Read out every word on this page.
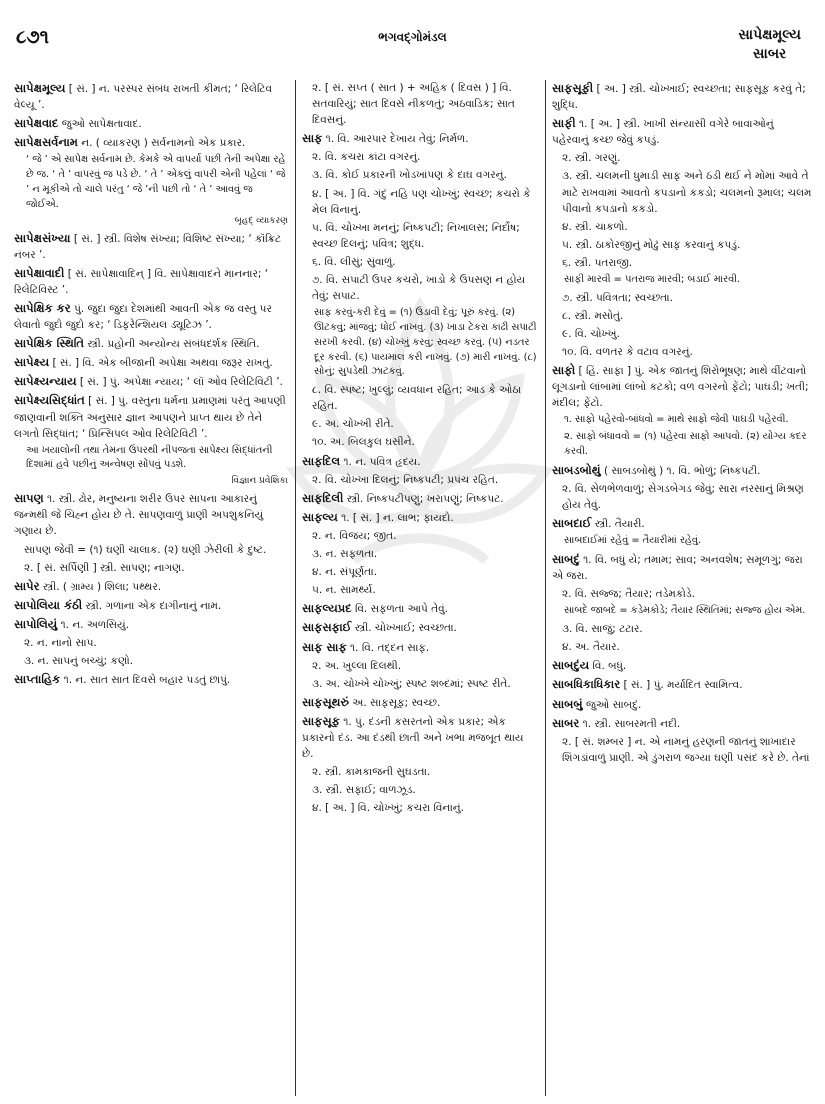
૮૭૧	ભગવદ્ગોમંડલ	સાપેક્ષમૂલ્ય
સાબર

સાપેક્ષમૂલ્ય [ સં. ] ન. પરસ્પર સંબંધ રાખતી કીમત; ‘ રિલેટિવ વેલ્યૂ ’.

સાપેક્ષવાદ જુઓ સાપેક્ષતાવાદ.

સાપેક્ષસર્વનામ ન. ( વ્યાકરણ ) સર્વનામનો એક પ્રકાર.

‘ જે ’ એ સાપેક્ષ સર્વનામ છે. કેમકે એ વાપર્યા પછી તેની અપેક્ષા રહે છે જ. ‘ તે ’ વાપરવું જ પડે છે. ‘ તે ’ એકલું વાપરી એની પહેલાં ‘ જે ’ ન મૂકીએ તો ચાલે પરંતુ ‘ જે ’ની પછી તો ‘ તે ’ આવવું જ જોઈએ.

બૃહદ્ વ્યાકરણ

સાપેક્ષસંખ્યા [ સં. ] સ્ત્રી. વિશેષ સંખ્યા; વિશિષ્ટ સંખ્યા; ‘ કૉંક્રિટ નંબર ’.

સાપેક્ષાવાદી [ સં. સાપેક્ષાવાદિન્ ] વિ. સાપેક્ષાવાદને માનનાર; ‘ રિલેટિવિસ્ટ ’.

સાપેક્ષિક કર પું. જુદા જુદા દેશમાંથી આવતી એક જ વસ્તુ પર લેવાતો જુદો જુદો કર; ‘ ડિફરેન્શિયલ ડ્યૂટિઝ ’.

સાપેક્ષિક સ્થિતિ સ્ત્રી. પ્રહોની અન્યોન્ય સંબંધદર્શક સ્થિતિ.

સાપેક્ષ્ય [ સં. ] વિ. એક બીજાની અપેક્ષા અથવા જરૂર રાખતું.

સાપેક્ષ્યન્યાય [ સં. ] પું. અપેક્ષા ન્યાય; ‘ લૉ ઓવ રિલેટિવિટી ’.

સાપેક્ષ્યસિદ્ધાંત [ સં. ] પું. વસ્તુના ધર્મના પ્રમાણમાં પરંતુ આપણી જાણવાની શક્તિ અનુસાર જ્ઞાન આપણને પ્રાપ્ત થાય છે તેને લગતો સિદ્ધાંત; ‘ પ્રિન્સિપલ ઓવ રિલેટિવિટી ’.

આ ખયાલોની તથા તેમના ઉપરથી નીપજતા સાપેક્ષ્ય સિદ્ધાંતની દિશામાં હવે પછીનું અન્વેષણ સોંપવું પડશે.

વિજ્ઞાન પ્રવેશિકા

સાપણ ૧. સ્ત્રી. ઢોર, મનુષ્યના શરીર ઉપર સાપના આકારનું જન્મથી જે ચિહ્ન હોય છે તે. સાપણવાળું પ્રાણી અપશુકનિયું ગણાય છે.

સાપણ જેવી = (૧) ઘણી ચાલાક. (૨) ઘણી ઝેરીલી કે દુષ્ટ.

૨. [ સં. સર્પિણી ] સ્ત્રી. સાપણ; નાગણ.

સાપેર સ્ત્રી. ( ગ્રામ્ય ) શિલા; પથ્થર.

સાપોલિયા કંઠી સ્ત્રી. ગળાના એક દાગીનાનું નામ.

સાપોલિયું ૧. ન. અળસિયું.

૨. ન. નાનો સાપ.

૩. ન. સાપનું બચ્ચું; કણો.

સાપ્તાહિક ૧. ન. સાત સાત દિવસે બહાર પડતું છાપું.

૨. [ સં. સપ્ત ( સાત ) + અહિક ( દિવસ ) ] વિ. સતવારિયું; સાત દિવસે નીકળતું; અઠવાડિક; સાત દિવસનું.

સાફ ૧. વિ. આરપાર દેખાય તેવું; નિર્મળ.

૨. વિ. કચરા કાંટા વગરનું.

૩. વિ. કોઈ પ્રકારની ખોડખાંપણ કે દાઘ વગરનું.

૪. [ અ. ] વિ. ગંદું નહિ પણ ચોખ્ખું; સ્વચ્છ; કચરો કે મેલ વિનાનું.

૫. વિ. ચોખ્ખા મનનું; નિષ્કપટી; નિખાલસ; નિર્દોષ; સ્વચ્છ દિલનું; પવિત્ર; શુદ્ધ.

૬. વિ. લીસું; સુંવાળું.

૭. વિ. સપાટી ઉપર કચરો, ખાડો કે ઉપસણ ન હોય તેવું; સપાટ.

સાફ કરવું-કરી દેવું = (૧) ઉડાવી દેવું; પૂરું કરવું. (૨) ઊટકવું; માંજવું; ધોઈ નાખવું. (૩) ખાડા ટેકરા કાઢી સપાટી સરખી કરવી. (૪) ચોખ્ખું કરવું; સ્વચ્છ કરવું. (૫) નડતર દૂર કરવી. (૬) પાયમાલ કરી નાખવું. (૭) મારી નાખવું. (૮) સોનું; સુપડેથી ઝાટકવું.

૮. વિ. સ્પષ્ટ; ખુલ્લું; વ્યવધાન રહિત; આડ કે ઓઠા રહિત.

૯. અ. ચોખ્ખી રીતે.

૧૦. અ. બિલકુલ ઘસીને.

સાફદિલ ૧. ન. પવિત્ર હૃદય.

૨. વિ. ચોખ્ખા દિલનું; નિષ્કપટી; પ્રપંચ રહિત.

સાફદિલી સ્ત્રી. નિષ્કપટીપણું; ખરાપણું; નિષ્કપટ.

સાફલ્ય ૧. [ સં. ] ન. લાભ; ફાયદો.

૨. ન. વિજય; જીત.

૩. ન. સફળતા.

૪. ન. સંપૂર્ણતા.

૫. ન. સામર્થ્ય.

સાફલ્યપ્રદ વિ. સફળતા આપે તેવું.

સાફસફાઈ સ્ત્રી. ચોખ્ખાઈ; સ્વચ્છતા.

સાફ સાફ ૧. વિ. તદ્દન સાફ.

૨. અ. ખુલ્લા દિલથી.

૩. અ. ચોખ્ખે ચોખ્ખું; સ્પષ્ટ શબ્દમાં; સ્પષ્ટ રીતે.

સાફસૂથરું અ. સાફસૂફ; સ્વચ્છ.

સાફસૂફ ૧. પું. દંડની કસરતનો એક પ્રકાર; એક પ્રકારનો દંડ. આ દંડથી છાતી અને ખભા મજબૂત થાય છે.

૨. સ્ત્રી. કામકાજની સુઘડતા.

૩. સ્ત્રી. સફાઈ; વાળઝૂડ.

૪. [ અ. ] વિ. ચોખ્ખું; કચરા વિનાનું.

સાફસૂફી [ અ. ] સ્ત્રી. ચોખ્ખાઈ; સ્વચ્છતા; સાફસૂફ કરવું તે; શુદ્ધિ.

સાફી ૧. [ અ. ] સ્ત્રી. ખાખી સંન્યાસી વગેરે બાવાઓનું પહેરવાનું કચ્છ જેવું કપડું.

૨. સ્ત્રી. ગરણું.

૩. સ્ત્રી. ચલમની ધુમાડી સાફ અને ઠંડી થઈ ને મોંમાં આવે તે માટે રાખવામાં આવતો કપડાનો કકડો; ચલમનો રૂમાલ; ચલમ પીવાનો કપડાનો કકડો.

૪. સ્ત્રી. ચાકળો.

૫. સ્ત્રી. ઠાકોરજીનું મોઢું સાફ કરવાનું કપડું.

૬. સ્ત્રી. પતરાજી.

સાફી મારવી = પતરાજ મારવી; બડાઈ મારવી.

૭. સ્ત્રી. પવિત્રતા; સ્વચ્છતા.

૮. સ્ત્રી. મસોતું.

૯. વિ. ચોખ્ખું.

૧૦. વિ. વળતર કે વટાવ વગરનું.

સાફો [ હિં. સાફા ] પું. એક જાતનું શિરોભૂષણ; માથે વીંટવાનો લૂગડાનો લાંબામાં લાંબો કટકો; વળ વગરનો ફેંટો; પાઘડી; ખતી; મંદીલ; ફેંટો.

૧. સાફો પહેરવો-બાંધવો = માથે સાફો જેવી પાઘડી પહેરવી.

૨. સાફો બંધાવવો = (૧) પહેરવા સાફો આપવો. (૨) યોગ્ય કદર કરવી.

સાબડબોથું ( સાબડબોથું ) ૧. વિ. ભોળું; નિષ્કપટી.

૨. વિ. સેળભેળવાળું; સેગડબેગડ જેવું; સારા નરસાનું મિશ્રણ હોય તેવું.

સાબદાઈ સ્ત્રી. તૈયારી.

સાબદાઈમાં રહેવું = તૈયારીમાં રહેવું.

સાબદું ૧. વિ. બધું યે; તમામ; સાવ; અનવશેષ; સમૂળગું; જરા એ જરા.

૨. વિ. સજ્જ; તૈયાર; તડેમકોડે.

સાબદે જાબદે = કડેમકોડે; તૈયાર સ્થિતિમાં; સજ્જ હોય એમ.

૩. વિ. સાજું; ટટાર.

૪. અ. તૈયાર.

સાબદુંય વિ. બધું.

સાબધિકાધિકાર [ સં. ] પું. મર્યાદિત સ્વામિત્વ.

સાબબું જુઓ સાબદું.

સાબર ૧. સ્ત્રી. સાબરમતી નદી.

૨. [ સં. શમ્બર ] ન. એ નામનું હરણની જાતનું શાખાદાર શિંગડાંવાળું પ્રાણી. એ ડુંગરાળ જગ્યા ઘણી પસંદ કરે છે. તેનાં
